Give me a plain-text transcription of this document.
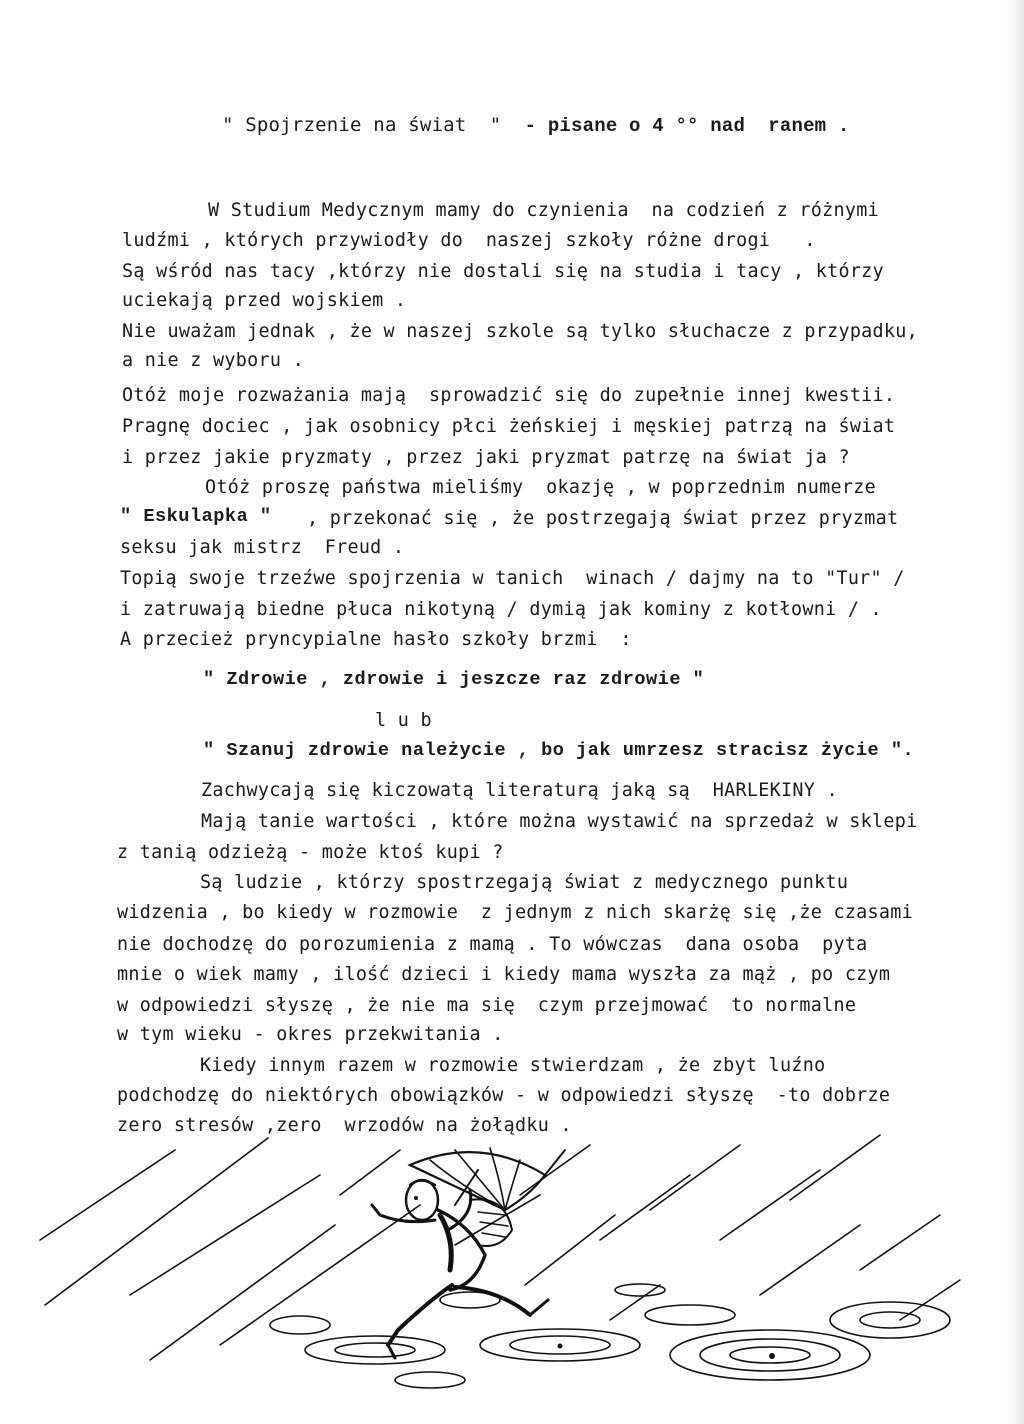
" Spojrzenie na świat " - pisane o 4 °° nad  ranem .
W Studium Medycznym mamy do czynienia  na codzień z różnymi
ludźmi , których przywiodły do  naszej szkoły różne drogi   .
Są wśród nas tacy ,którzy nie dostali się na studia i tacy , którzy
uciekają przed wojskiem .
Nie uważam jednak , że w naszej szkole są tylko słuchacze z przypadku,
a nie z wyboru .
Otóż moje rozważania mają  sprowadzić się do zupełnie innej kwestii.
Pragnę dociec , jak osobnicy płci żeńskiej i męskiej patrzą na świat
i przez jakie pryzmaty , przez jaki pryzmat patrzę na świat ja ?
Otóż proszę państwa mieliśmy  okazję , w poprzednim numerze
" Eskulapka " , przekonać się , że postrzegają świat przez pryzmat
seksu jak mistrz  Freud .
Topią swoje trzeźwe spojrzenia w tanich  winach / dajmy na to "Tur" /
i zatruwają biedne płuca nikotyną / dymią jak kominy z kotłowni / .
A przecież pryncypialne hasło szkoły brzmi  :
" Zdrowie , zdrowie i jeszcze raz zdrowie "
l u b
" Szanuj zdrowie należycie , bo jak umrzesz stracisz życie ".
Zachwycają się kiczowatą literaturą jaką są  HARLEKINY .
Mają tanie wartości , które można wystawić na sprzedaż w sklepi
z tanią odzieżą - może ktoś kupi ?
Są ludzie , którzy spostrzegają świat z medycznego punktu
widzenia , bo kiedy w rozmowie  z jednym z nich skarżę się ,że czasami
nie dochodzę do porozumienia z mamą . To wówczas  dana osoba  pyta
mnie o wiek mamy , ilość dzieci i kiedy mama wyszła za mąż , po czym
w odpowiedzi słyszę , że nie ma się  czym przejmować  to normalne
w tym wieku - okres przekwitania .
Kiedy innym razem w rozmowie stwierdzam , że zbyt luźno
podchodzę do niektórych obowiązków - w odpowiedzi słyszę  -to dobrze
zero stresów ,zero  wrzodów na żołądku .
